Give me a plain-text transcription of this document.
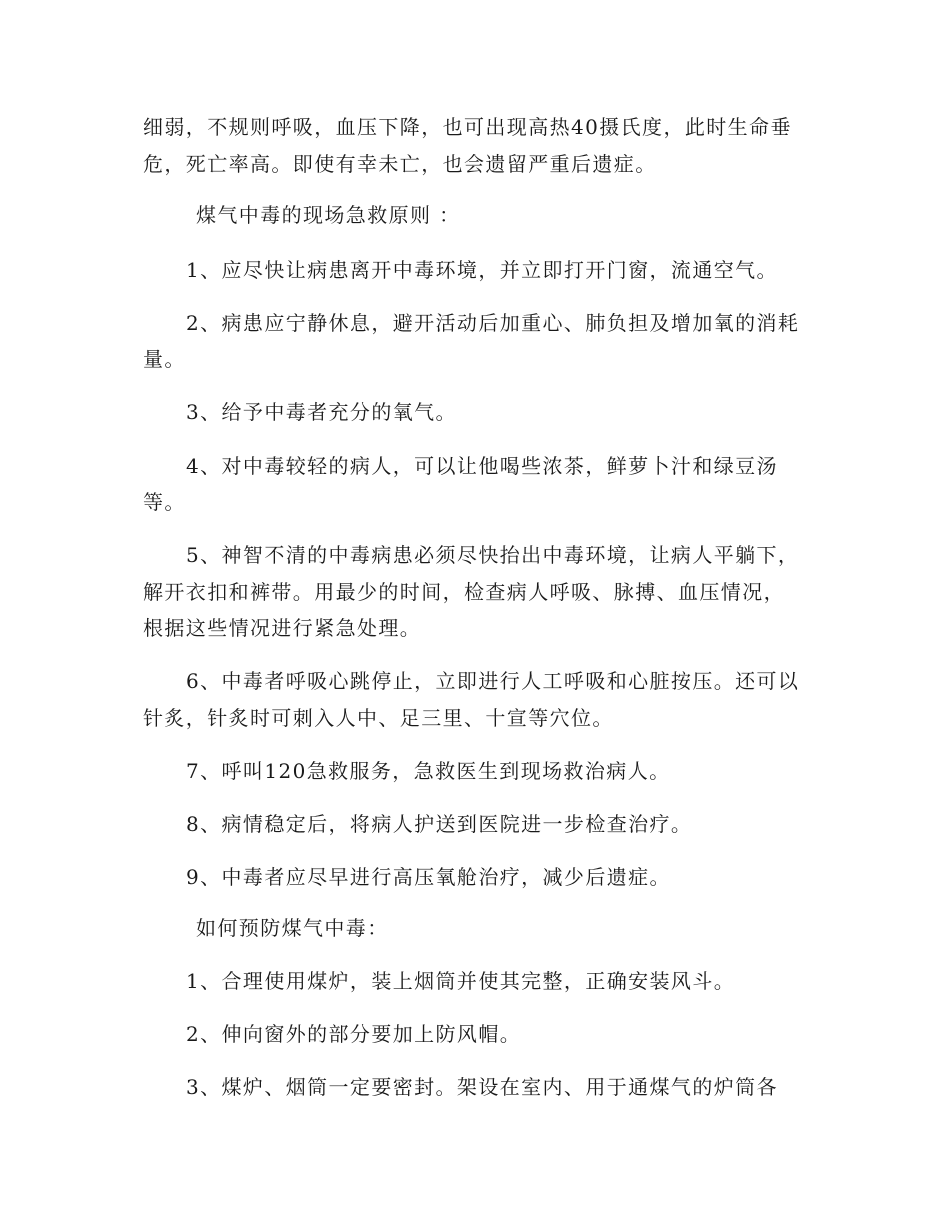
细弱，不规则呼吸，血压下降，也可出现高热40摄氏度，此时生命垂
危，死亡率高。即使有幸未亡，也会遗留严重后遗症。
煤气中毒的现场急救原则 ：
1、应尽快让病患离开中毒环境，并立即打开门窗，流通空气。
2、病患应宁静休息，避开活动后加重心、肺负担及增加氧的消耗
量。
3、给予中毒者充分的氧气。
4、对中毒较轻的病人，可以让他喝些浓茶，鲜萝卜汁和绿豆汤
等。
5、神智不清的中毒病患必须尽快抬出中毒环境，让病人平躺下，
解开衣扣和裤带。用最少的时间，检查病人呼吸、脉搏、血压情况，
根据这些情况进行紧急处理。
6、中毒者呼吸心跳停止，立即进行人工呼吸和心脏按压。还可以
针炙，针炙时可刺入人中、足三里、十宣等穴位。
7、呼叫120急救服务，急救医生到现场救治病人。
8、病情稳定后，将病人护送到医院进一步检查治疗。
9、中毒者应尽早进行高压氧舱治疗，减少后遗症。
如何预防煤气中毒：
1、合理使用煤炉，装上烟筒并使其完整，正确安装风斗。
2、伸向窗外的部分要加上防风帽。
3、煤炉、烟筒一定要密封。架设在室内、用于通煤气的炉筒各
